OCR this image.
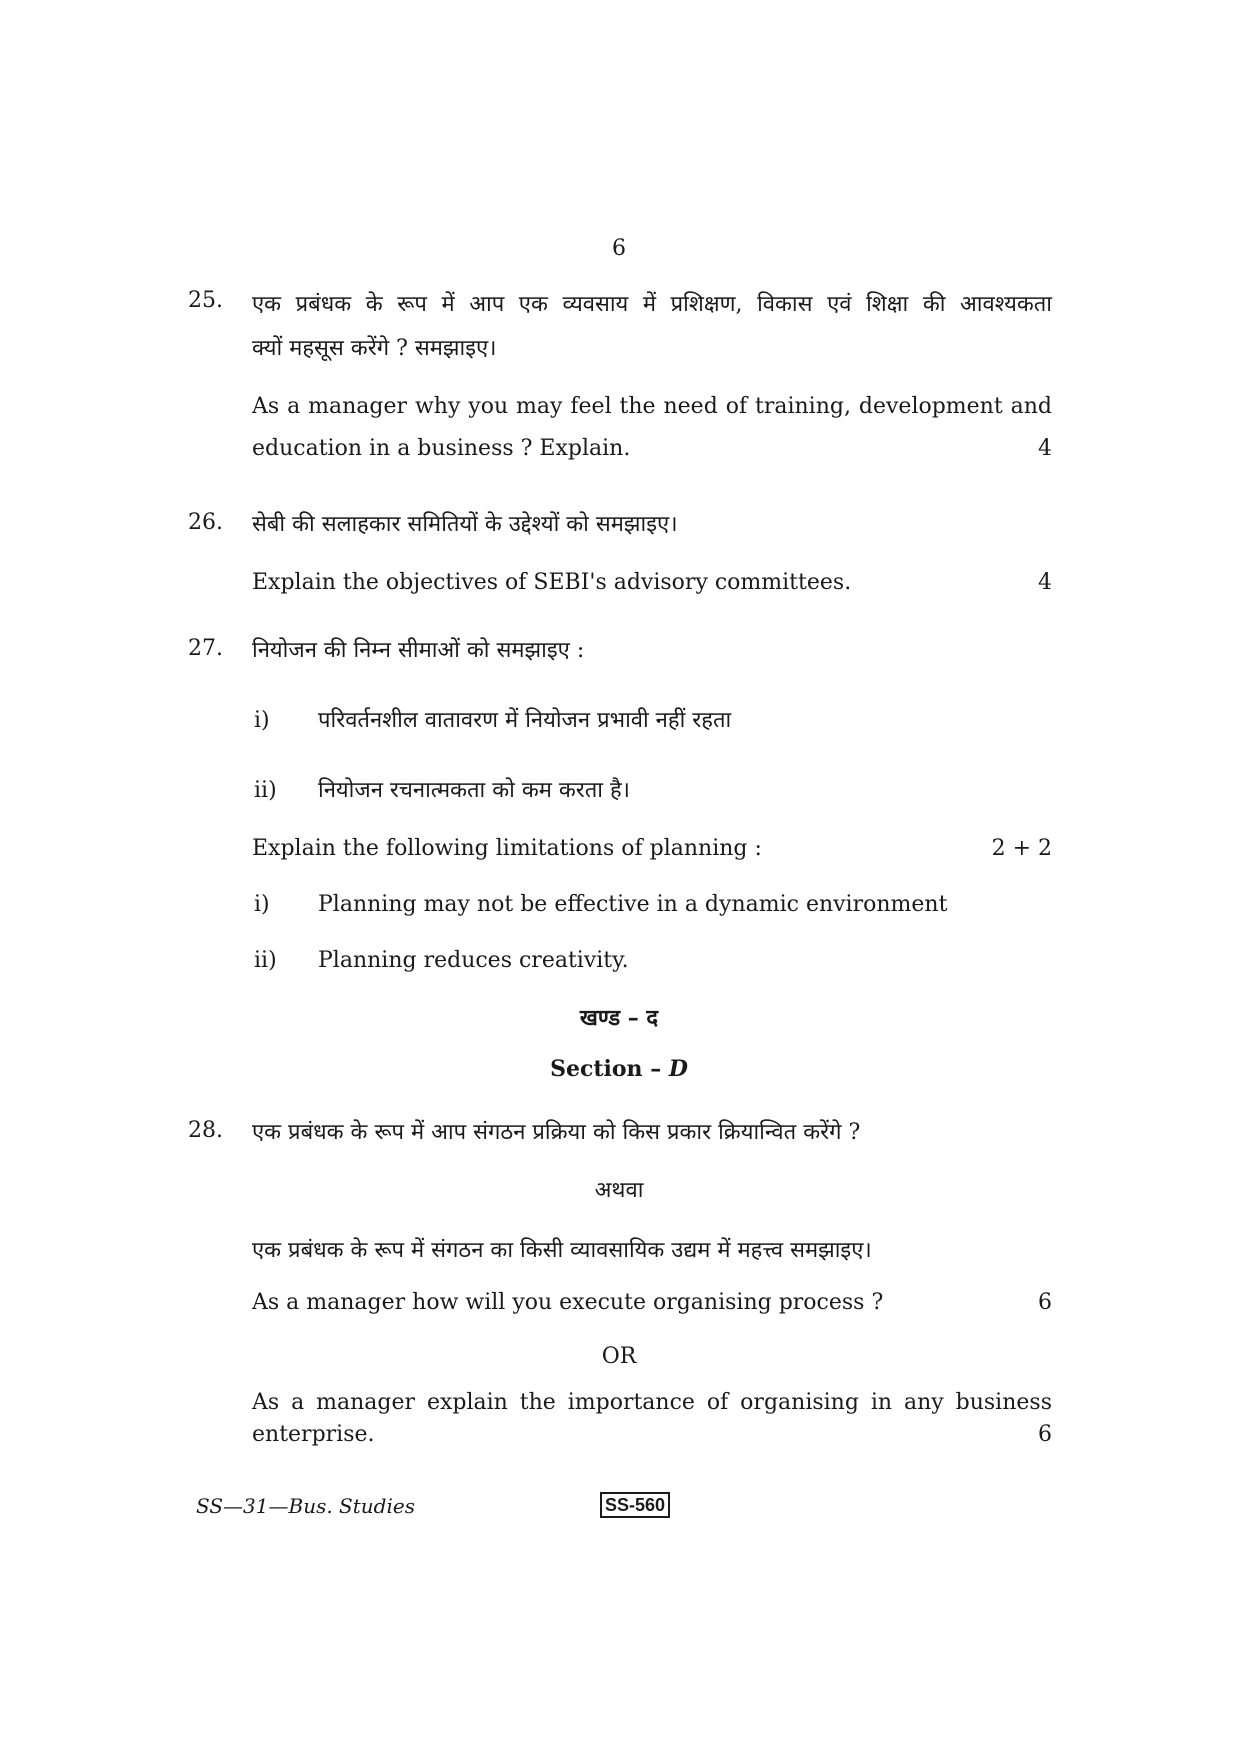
6
25.	एक प्रबंधक के रूप में आप एक व्यवसाय में प्रशिक्षण, विकास एवं शिक्षा की आवश्यकता
क्यों महसूस करेंगे ? समझाइए।
As a manager why you may feel the need of training, development and
education in a business ? Explain.	4
26.	सेबी की सलाहकार समितियों के उद्देश्यों को समझाइए।
Explain the objectives of SEBI's advisory committees.	4
27.	नियोजन की निम्न सीमाओं को समझाइए :
i)	परिवर्तनशील वातावरण में नियोजन प्रभावी नहीं रहता
ii)	नियोजन रचनात्मकता को कम करता है।
Explain the following limitations of planning :	2 + 2
i)	Planning may not be effective in a dynamic environment
ii)	Planning reduces creativity.
खण्ड – द
Section – D
28.	एक प्रबंधक के रूप में आप संगठन प्रक्रिया को किस प्रकार क्रियान्वित करेंगे ?
अथवा
एक प्रबंधक के रूप में संगठन का किसी व्यावसायिक उद्यम में महत्त्व समझाइए।
As a manager how will you execute organising process ?	6
OR
As a manager explain the importance of organising in any business
enterprise.	6
SS—31—Bus. Studies	SS-560
